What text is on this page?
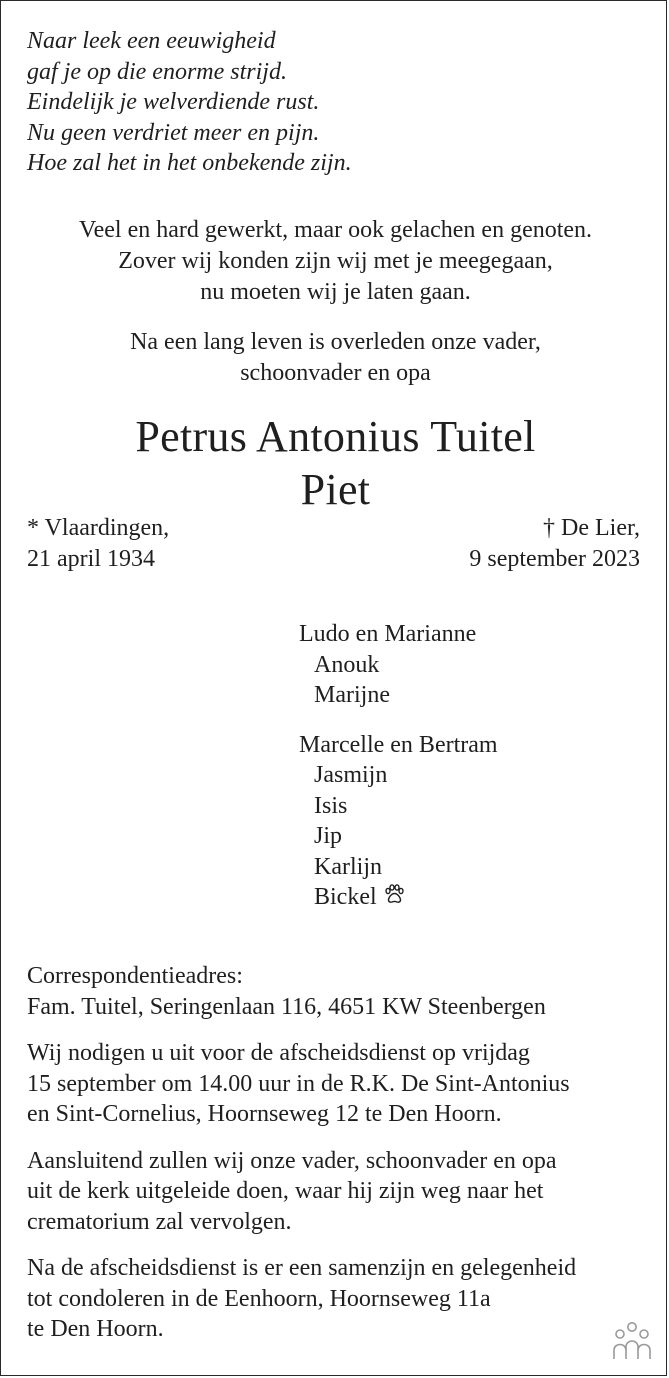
Naar leek een eeuwigheid
gaf je op die enorme strijd.
Eindelijk je welverdiende rust.
Nu geen verdriet meer en pijn.
Hoe zal het in het onbekende zijn.
Veel en hard gewerkt, maar ook gelachen en genoten.
Zover wij konden zijn wij met je meegegaan,
nu moeten wij je laten gaan.
Na een lang leven is overleden onze vader,
schoonvader en opa
Petrus Antonius Tuitel
Piet
* Vlaardingen,
21 april 1934
† De Lier,
9 september 2023
Ludo en Marianne
Anouk
Marijne
Marcelle en Bertram
Jasmijn
Isis
Jip
Karlijn
Bickel
Correspondentieadres:
Fam. Tuitel, Seringenlaan 116, 4651 KW Steenbergen
Wij nodigen u uit voor de afscheidsdienst op vrijdag
15 september om 14.00 uur in de R.K. De Sint-Antonius
en Sint-Cornelius, Hoornseweg 12 te Den Hoorn.
Aansluitend zullen wij onze vader, schoonvader en opa
uit de kerk uitgeleide doen, waar hij zijn weg naar het
crematorium zal vervolgen.
Na de afscheidsdienst is er een samenzijn en gelegenheid
tot condoleren in de Eenhoorn, Hoornseweg 11a
te Den Hoorn.
